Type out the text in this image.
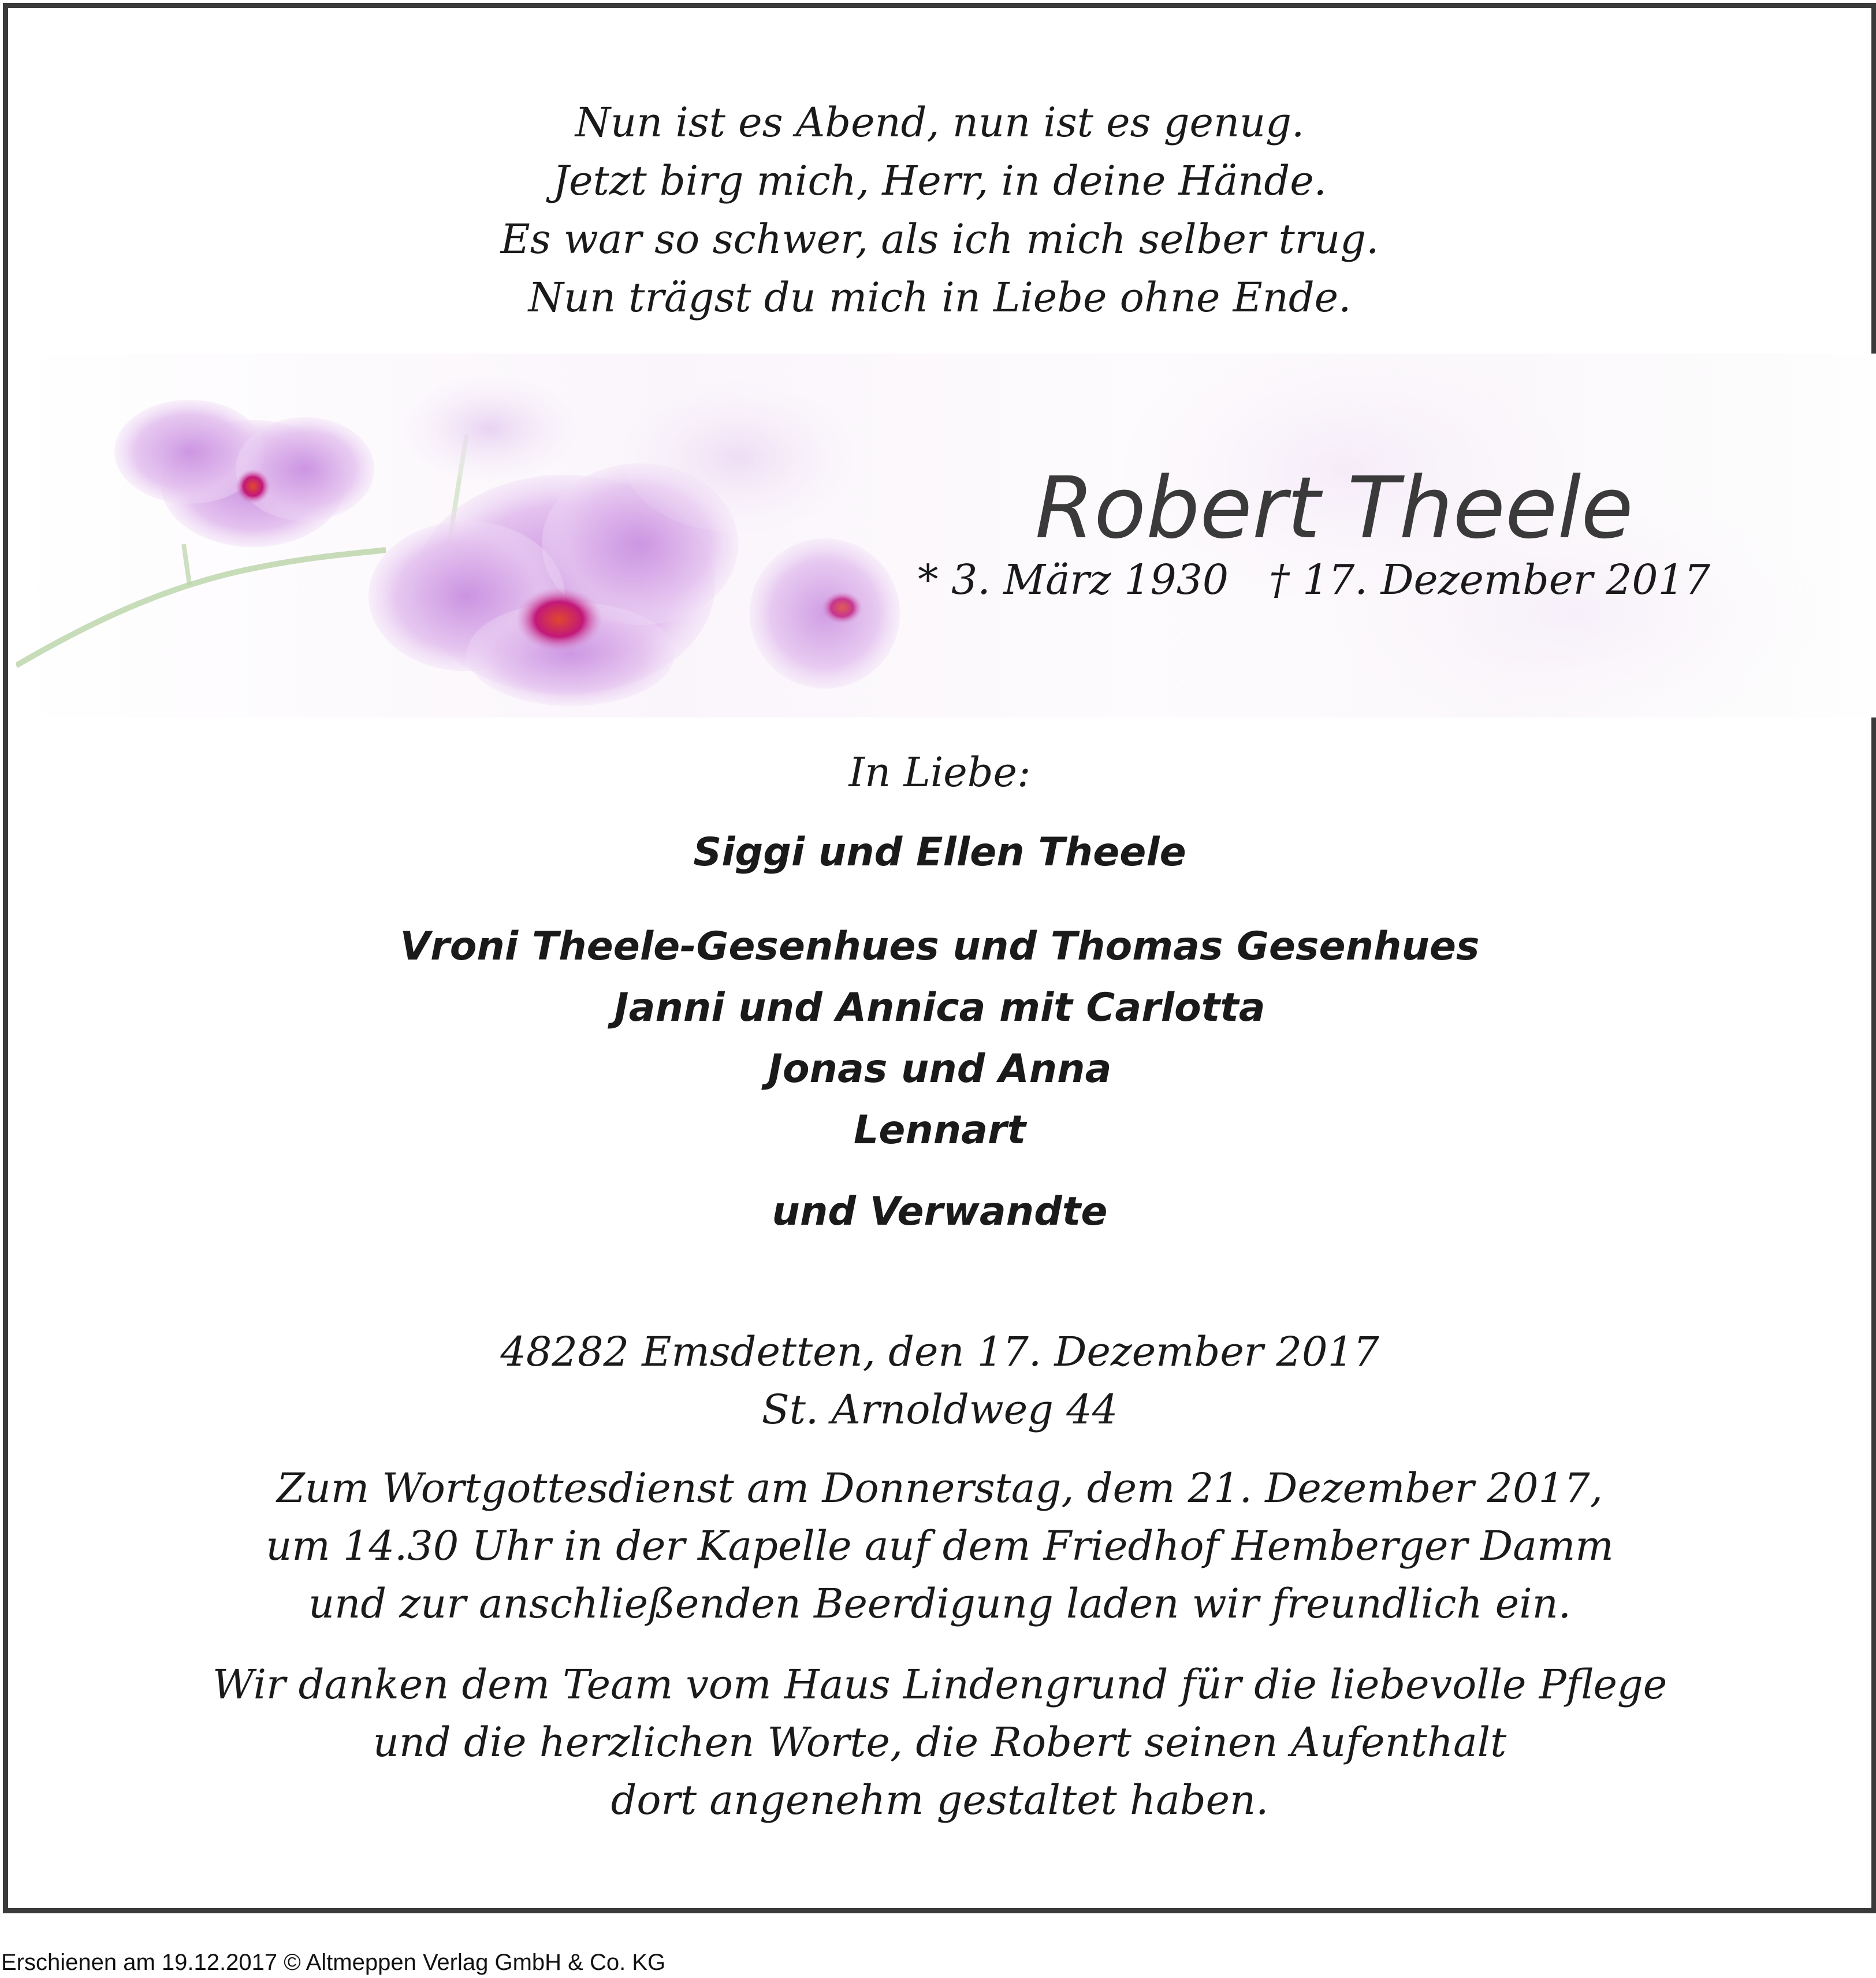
Nun ist es Abend, nun ist es genug.
Jetzt birg mich, Herr, in deine Hände.
Es war so schwer, als ich mich selber trug.
Nun trägst du mich in Liebe ohne Ende.
Robert Theele
* 3. März 1930 † 17. Dezember 2017
In Liebe:
Siggi und Ellen Theele
Vroni Theele-Gesenhues und Thomas Gesenhues
Janni und Annica mit Carlotta
Jonas und Anna
Lennart
und Verwandte
48282 Emsdetten, den 17. Dezember 2017
St. Arnoldweg 44
Zum Wortgottesdienst am Donnerstag, dem 21. Dezember 2017,
um 14.30 Uhr in der Kapelle auf dem Friedhof Hemberger Damm
und zur anschließenden Beerdigung laden wir freundlich ein.
Wir danken dem Team vom Haus Lindengrund für die liebevolle Pflege
und die herzlichen Worte, die Robert seinen Aufenthalt
dort angenehm gestaltet haben.
Erschienen am 19.12.2017 © Altmeppen Verlag GmbH & Co. KG
